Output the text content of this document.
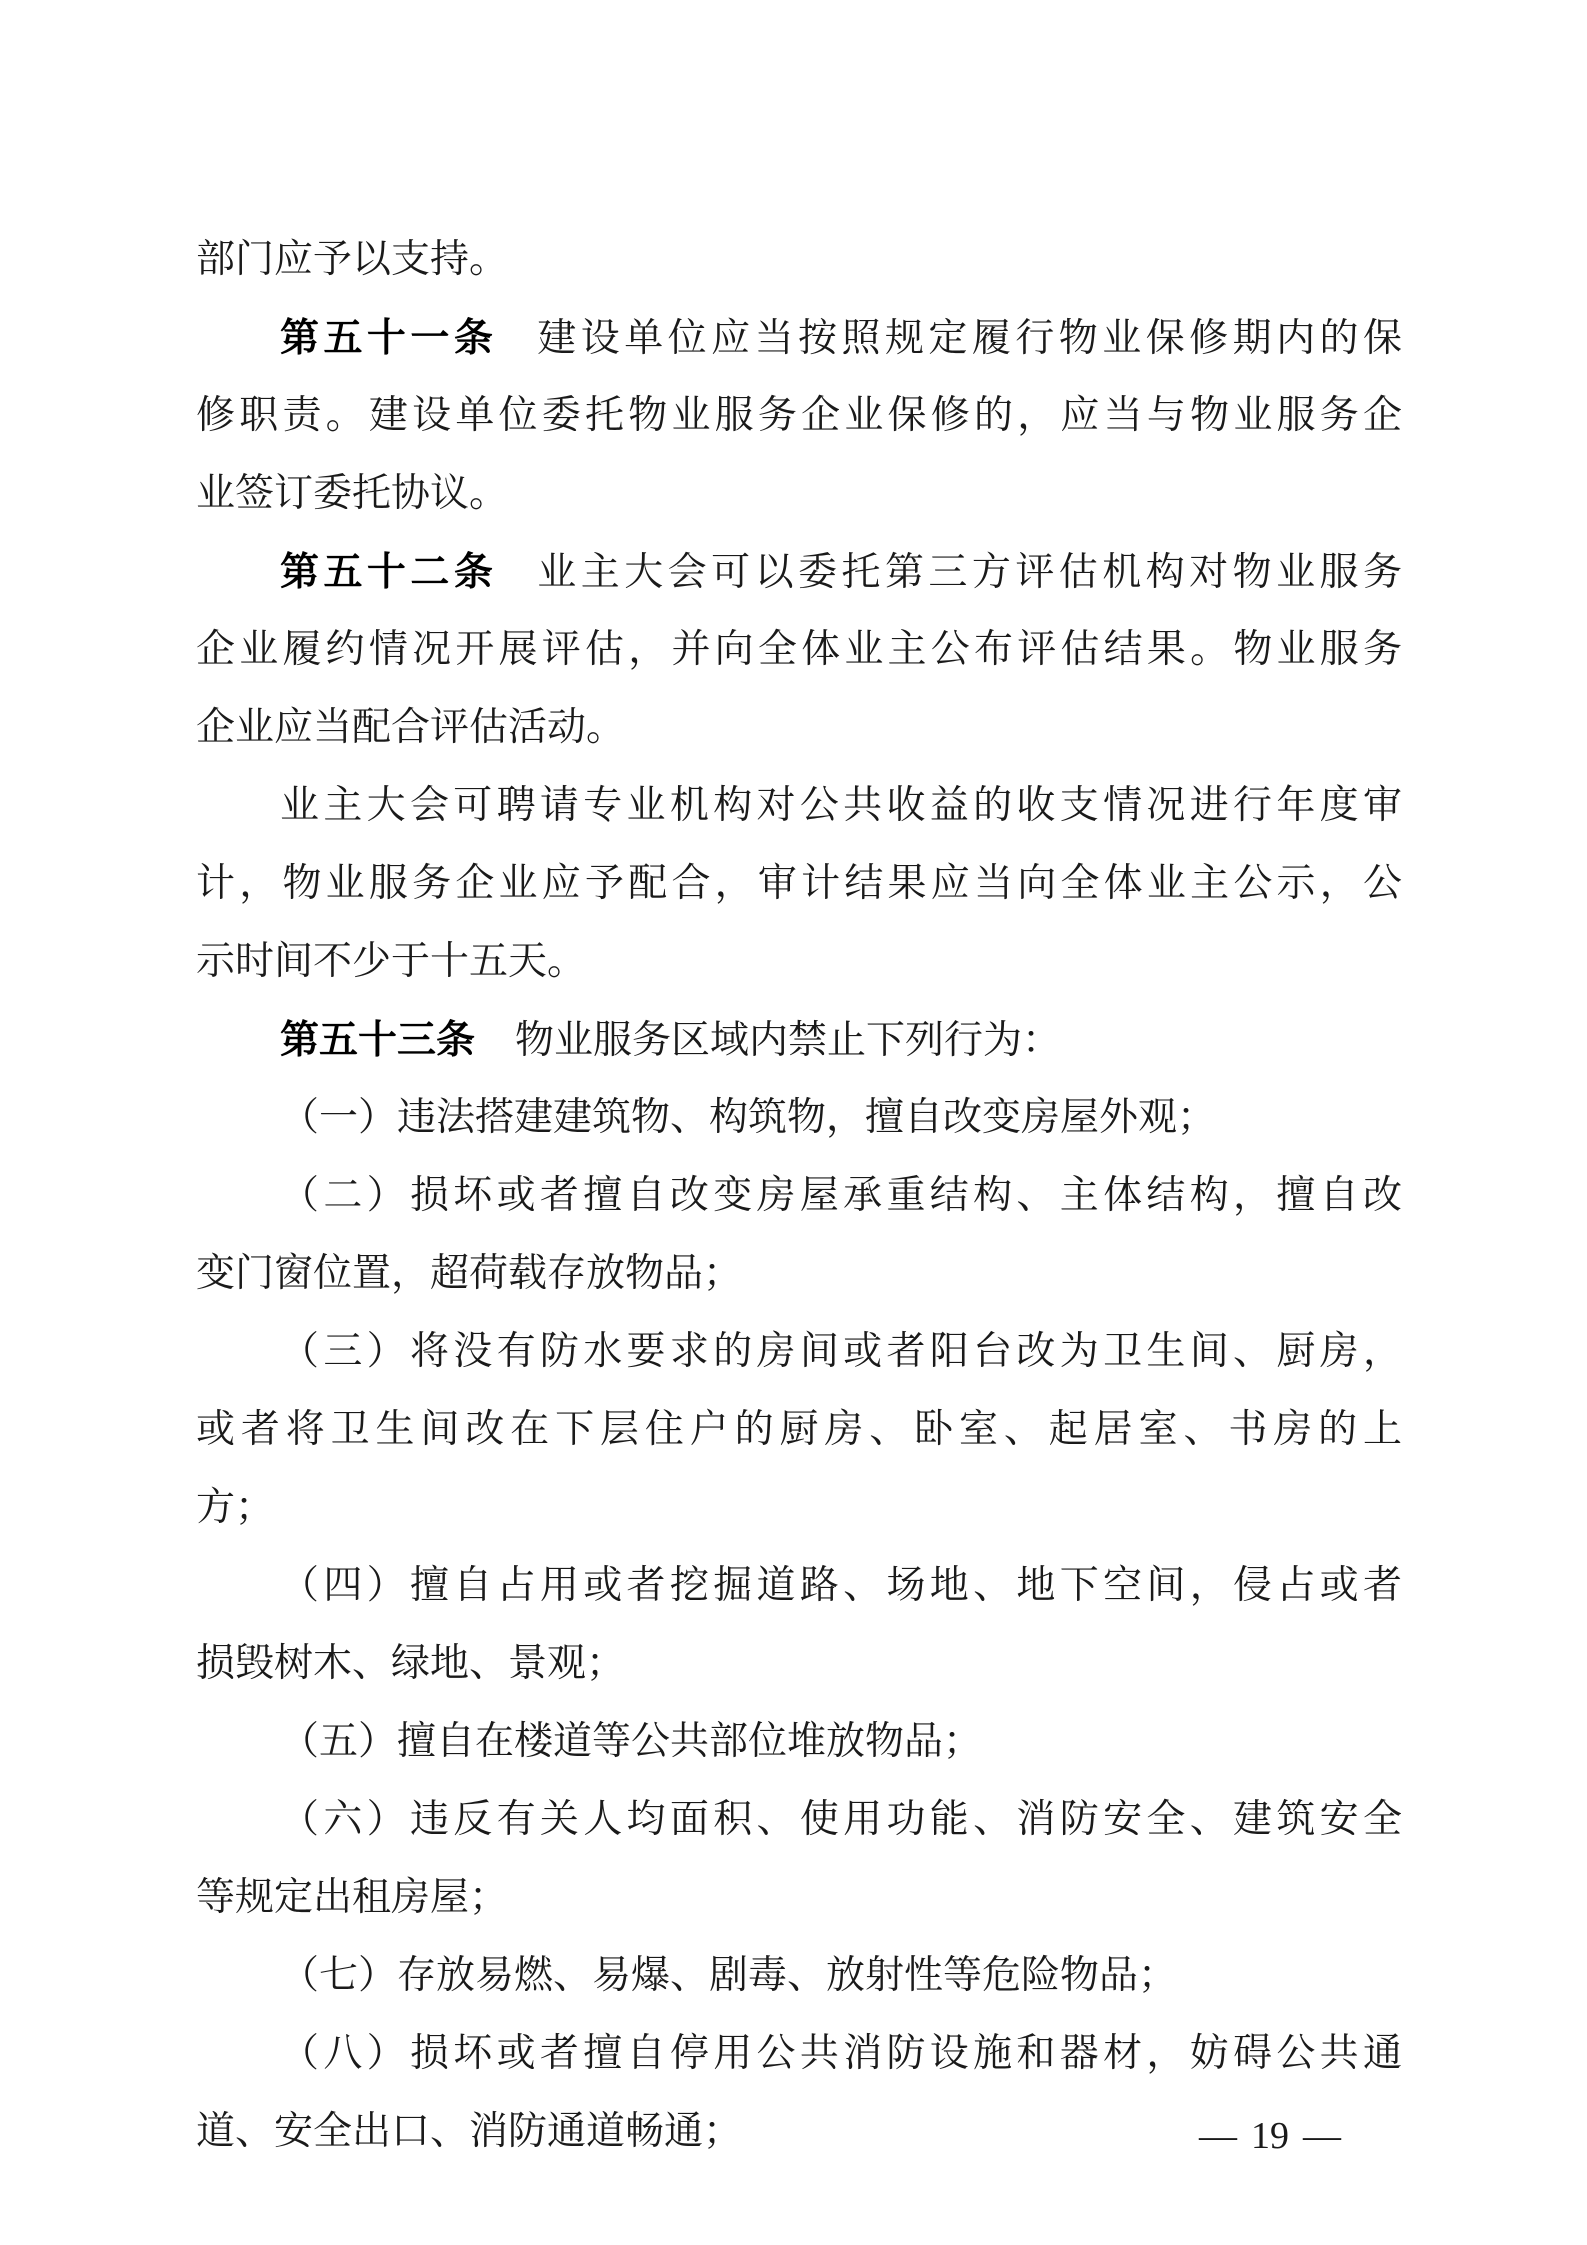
部门应予以支持。
第五十一条 建设单位应当按照规定履行物业保修期内的保
修职责。建设单位委托物业服务企业保修的，应当与物业服务企
业签订委托协议。
第五十二条 业主大会可以委托第三方评估机构对物业服务
企业履约情况开展评估，并向全体业主公布评估结果。物业服务
企业应当配合评估活动。
业主大会可聘请专业机构对公共收益的收支情况进行年度审
计，物业服务企业应予配合，审计结果应当向全体业主公示，公
示时间不少于十五天。
第五十三条 物业服务区域内禁止下列行为：
（一）违法搭建建筑物、构筑物，擅自改变房屋外观；
（二）损坏或者擅自改变房屋承重结构、主体结构，擅自改
变门窗位置，超荷载存放物品；
（三）将没有防水要求的房间或者阳台改为卫生间、厨房，
或者将卫生间改在下层住户的厨房、卧室、起居室、书房的上
方；
（四）擅自占用或者挖掘道路、场地、地下空间，侵占或者
损毁树木、绿地、景观；
（五）擅自在楼道等公共部位堆放物品；
（六）违反有关人均面积、使用功能、消防安全、建筑安全
等规定出租房屋；
（七）存放易燃、易爆、剧毒、放射性等危险物品；
（八）损坏或者擅自停用公共消防设施和器材，妨碍公共通
道、安全出口、消防通道畅通；	— 19 —
